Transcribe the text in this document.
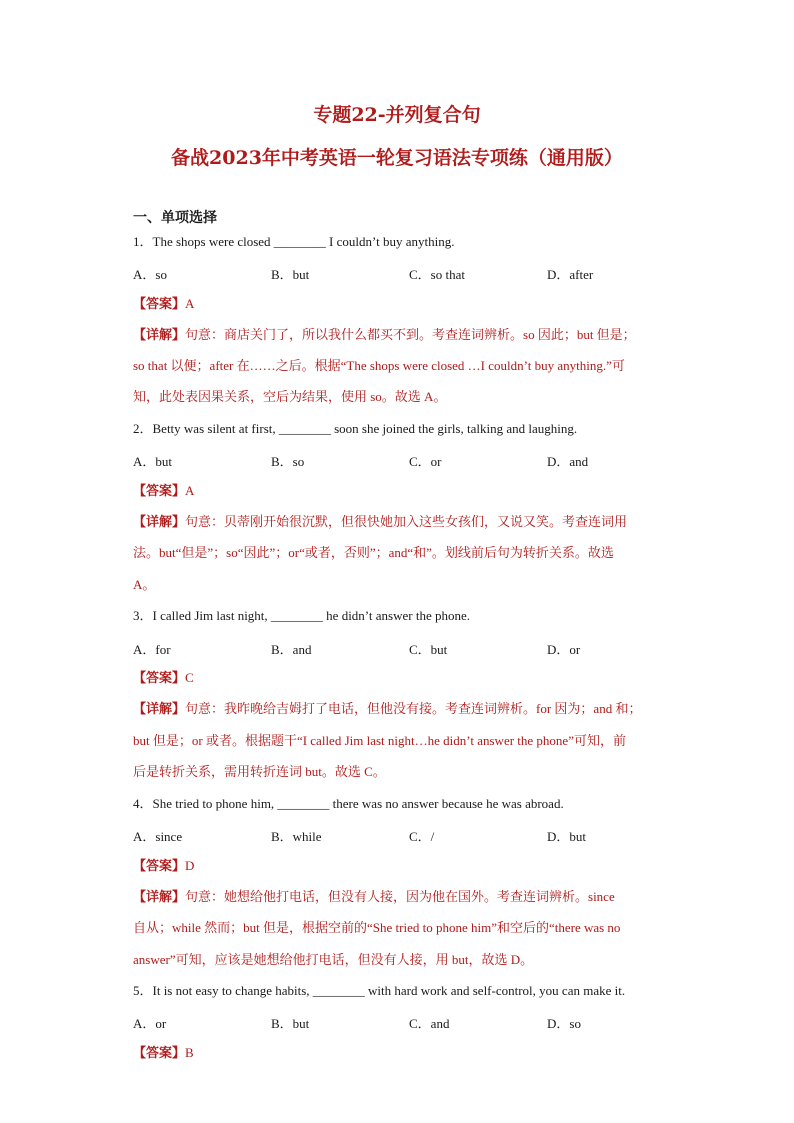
专题22-并列复合句
备战2023年中考英语一轮复习语法专项练（通用版）
一、单项选择
1．The shops were closed ________ I couldn’t buy anything.
A．so	B．but	C．so that	D．after
【答案】A
【详解】句意：商店关门了，所以我什么都买不到。考查连词辨析。so 因此；but 但是；
so that 以便；after 在……之后。根据“The shops were closed …I couldn’t buy anything.”可
知，此处表因果关系，空后为结果，使用 so。故选 A。
2．Betty was silent at first, ________ soon she joined the girls, talking and laughing.
A．but	B．so	C．or	D．and
【答案】A
【详解】句意：贝蒂刚开始很沉默，但很快她加入这些女孩们，又说又笑。考查连词用
法。but“但是”；so“因此”；or“或者，否则”；and“和”。划线前后句为转折关系。故选
A。
3．I called Jim last night, ________ he didn’t answer the phone.
A．for	B．and	C．but	D．or
【答案】C
【详解】句意：我昨晚给吉姆打了电话，但他没有接。考查连词辨析。for 因为；and 和；
but 但是；or 或者。根据题干“I called Jim last night…he didn’t answer the phone”可知，前
后是转折关系，需用转折连词 but。故选 C。
4．She tried to phone him, ________ there was no answer because he was abroad.
A．since	B．while	C．/	D．but
【答案】D
【详解】句意：她想给他打电话，但没有人接，因为他在国外。考查连词辨析。since
自从；while 然而；but 但是，根据空前的“She tried to phone him”和空后的“there was no
answer”可知，应该是她想给他打电话，但没有人接，用 but，故选 D。
5．It is not easy to change habits, ________ with hard work and self-control, you can make it.
A．or	B．but	C．and	D．so
【答案】B
